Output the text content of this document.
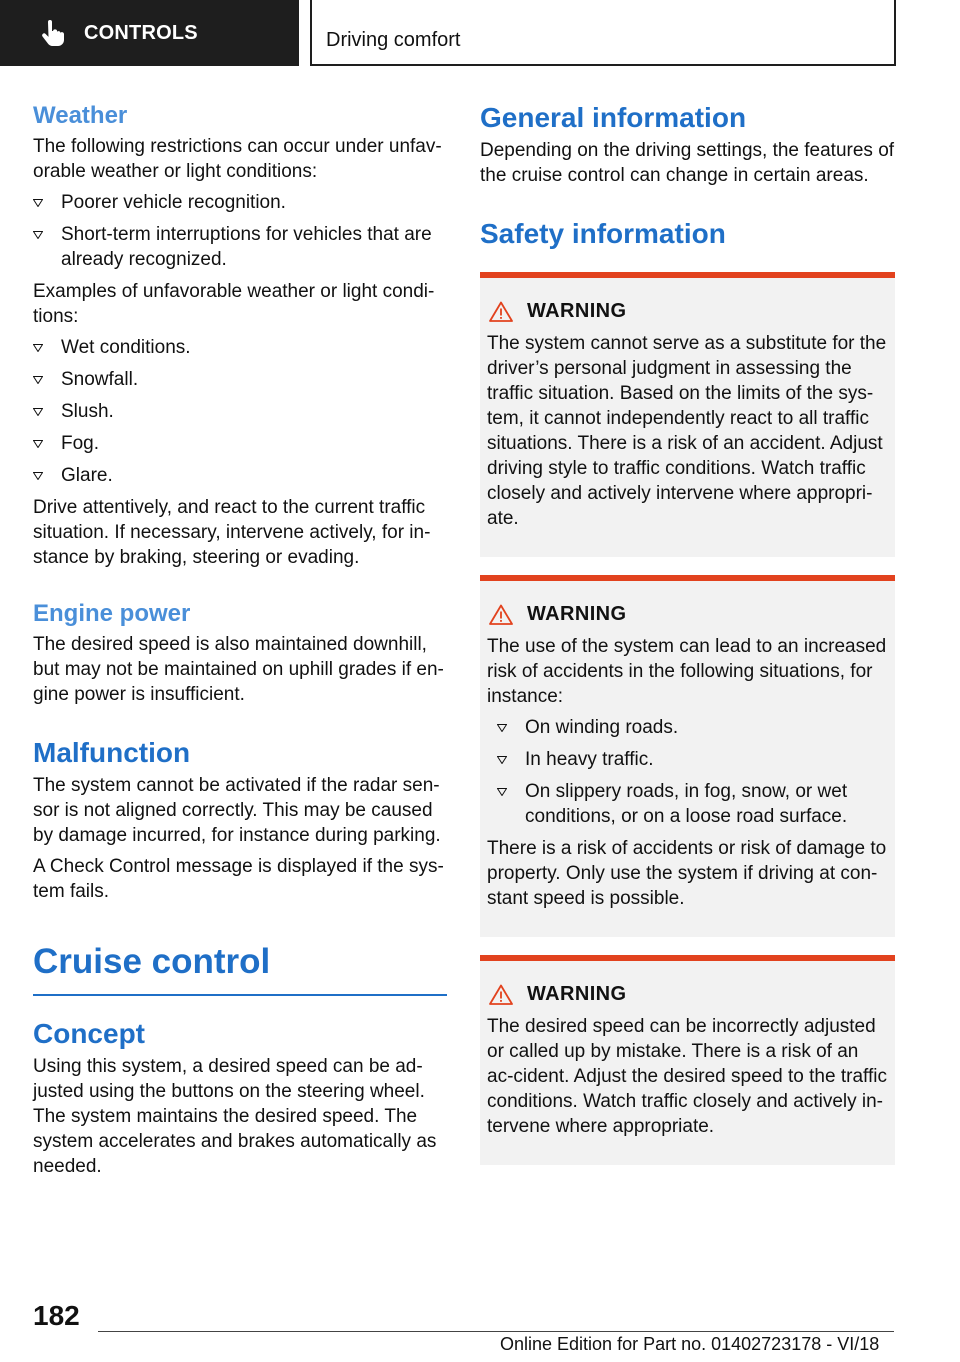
CONTROLS	Driving comfort
Weather

The following restrictions can occur under unfav-orable weather or light conditions:

Poorer vehicle recognition.
Short-term interruptions for vehicles that are already recognized.

Examples of unfavorable weather or light condi-tions:

Wet conditions.
Snowfall.
Slush.
Fog.
Glare.

Drive attentively, and react to the current traffic situation. If necessary, intervene actively, for in-stance by braking, steering or evading.

Engine power

The desired speed is also maintained downhill, but may not be maintained on uphill grades if en-gine power is insufficient.

Malfunction

The system cannot be activated if the radar sen-sor is not aligned correctly. This may be caused by damage incurred, for instance during parking.

A Check Control message is displayed if the sys-tem fails.

Cruise control
Concept

Using this system, a desired speed can be ad-justed using the buttons on the steering wheel. The system maintains the desired speed. The system accelerates and brakes automatically as needed.

General information

Depending on the driving settings, the features of the cruise control can change in certain areas.

Safety information
WARNING

The system cannot serve as a substitute for the driver’s personal judgment in assessing the traffic situation. Based on the limits of the sys-tem, it cannot independently react to all traffic situations. There is a risk of an accident. Adjust driving style to traffic conditions. Watch traffic closely and actively intervene where appropri-ate.

WARNING

The use of the system can lead to an increased risk of accidents in the following situations, for instance:

On winding roads.
In heavy traffic.
On slippery roads, in fog, snow, or wet conditions, or on a loose road surface.

There is a risk of accidents or risk of damage to property. Only use the system if driving at con-stant speed is possible.

WARNING

The desired speed can be incorrectly adjusted or called up by mistake. There is a risk of an ac-cident. Adjust the desired speed to the traffic conditions. Watch traffic closely and actively in-tervene where appropriate.

182
Online Edition for Part no. 01402723178 - VI/18
